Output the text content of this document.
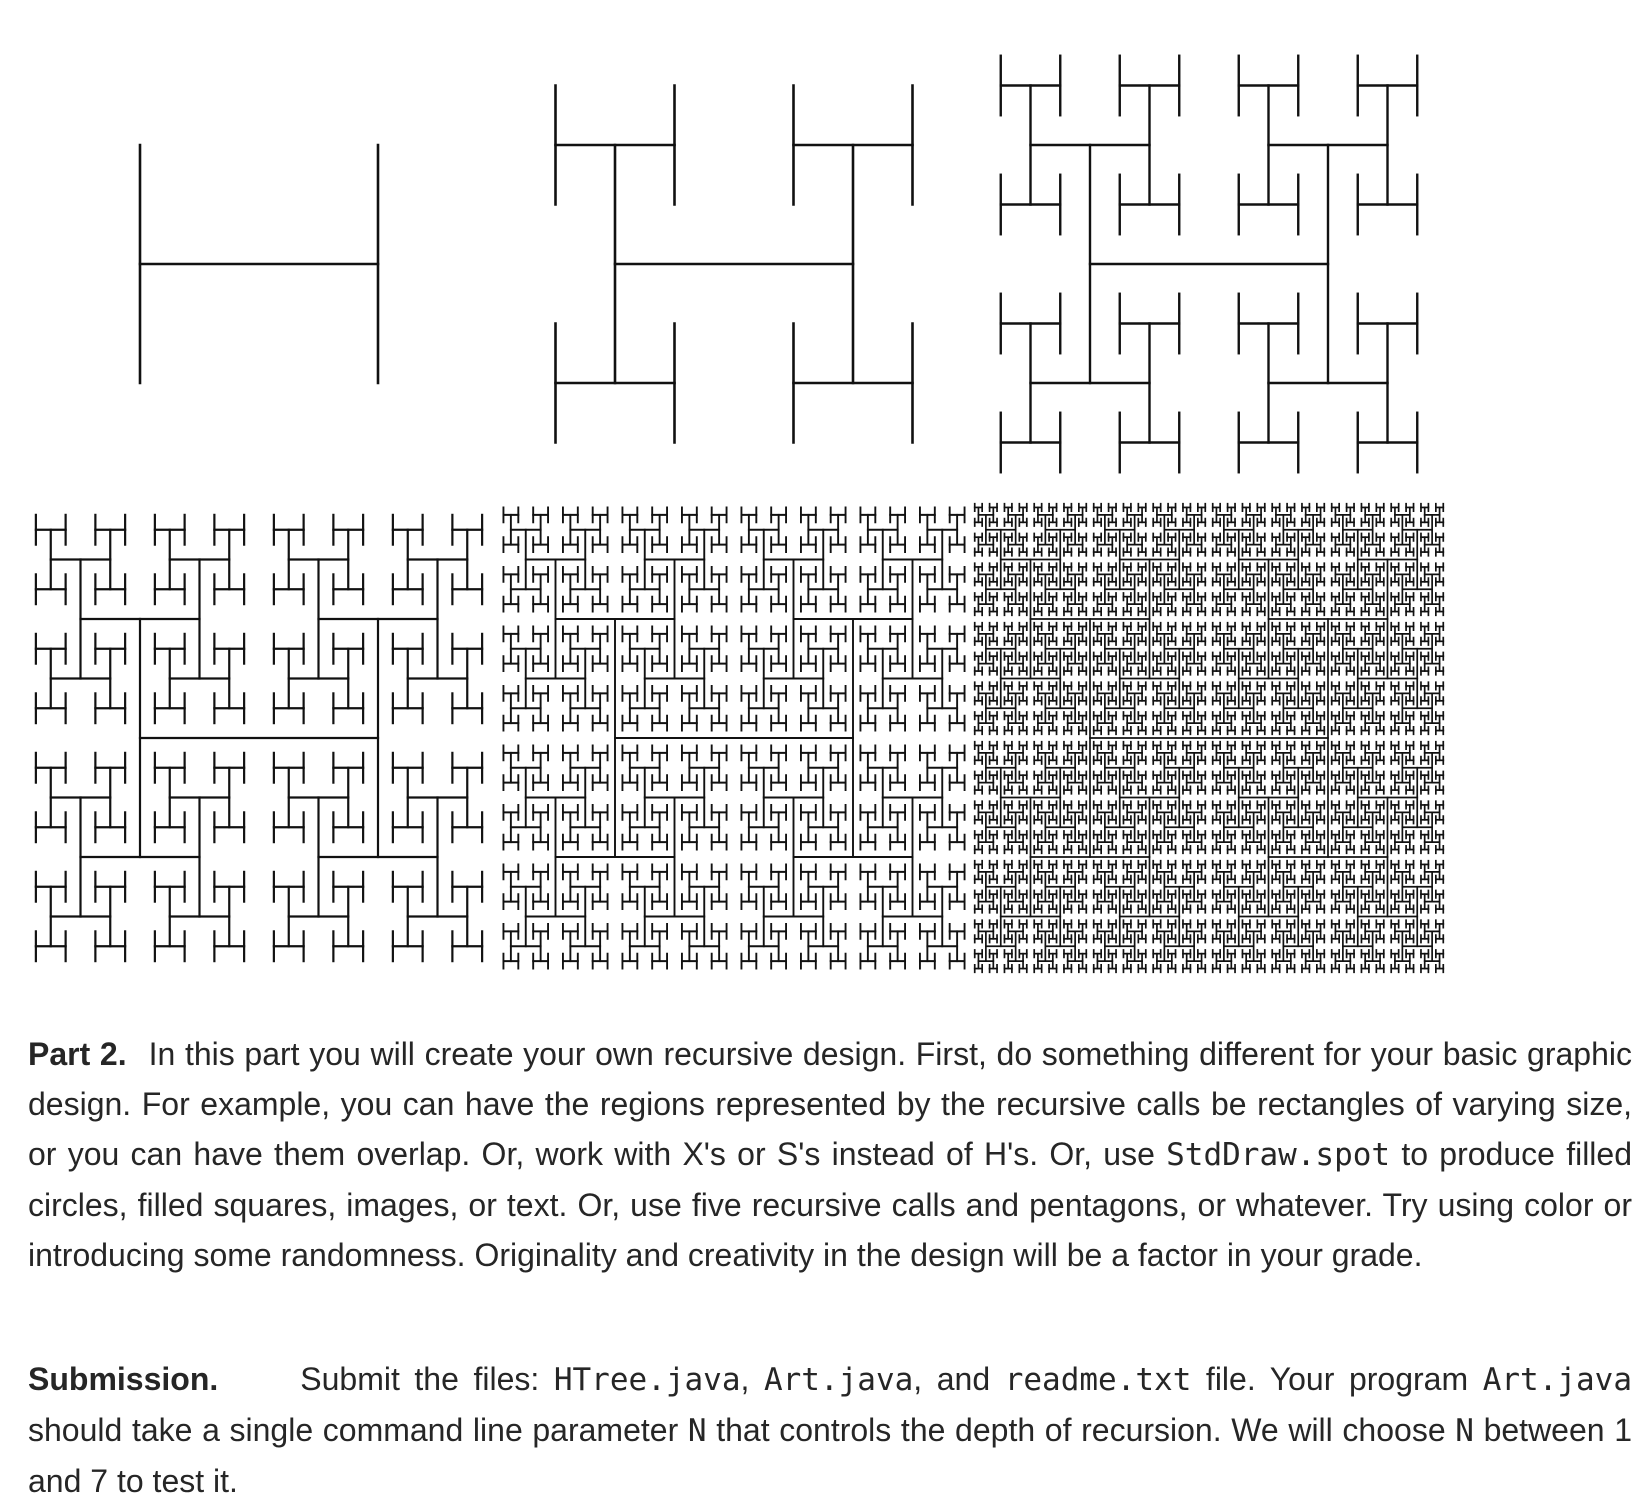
Part 2. In this part you will create your own recursive design. First, do something different for your basic graphic design. For example, you can have the regions represented by the recursive calls be rectangles of varying size, or you can have them overlap. Or, work with X's or S's instead of H's. Or, use StdDraw.spot to produce filled circles, filled squares, images, or text. Or, use five recursive calls and pentagons, or whatever. Try using color or introducing some randomness. Originality and creativity in the design will be a factor in your grade.

Submission.	Submit the files: HTree.java, Art.java, and readme.txt file. Your program Art.java should take a single command line parameter N that controls the depth of recursion. We will choose N between 1 and 7 to test it.
